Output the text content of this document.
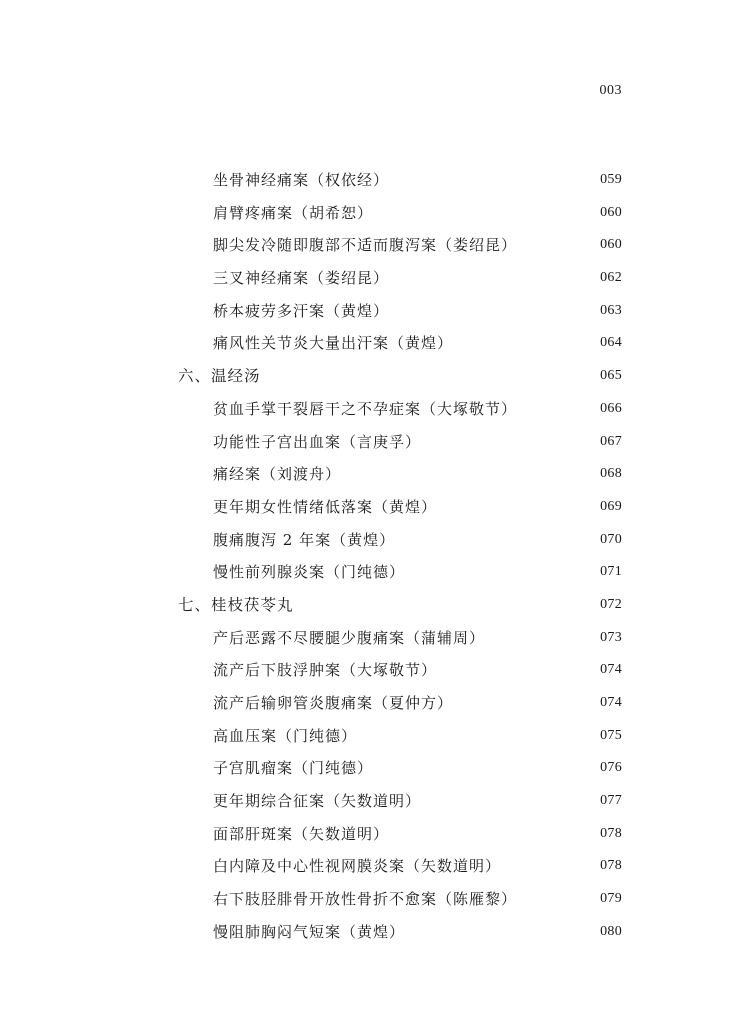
003
坐骨神经痛案（权依经）	059
肩臂疼痛案（胡希恕）	060
脚尖发冷随即腹部不适而腹泻案（娄绍昆）	060
三叉神经痛案（娄绍昆）	062
桥本疲劳多汗案（黄煌）	063
痛风性关节炎大量出汗案（黄煌）	064
六、温经汤	065
贫血手掌干裂唇干之不孕症案（大塚敬节）	066
功能性子宫出血案（言庚孚）	067
痛经案（刘渡舟）	068
更年期女性情绪低落案（黄煌）	069
腹痛腹泻 2 年案（黄煌）	070
慢性前列腺炎案（门纯德）	071
七、桂枝茯苓丸	072
产后恶露不尽腰腿少腹痛案（蒲辅周）	073
流产后下肢浮肿案（大塚敬节）	074
流产后输卵管炎腹痛案（夏仲方）	074
高血压案（门纯德）	075
子宫肌瘤案（门纯德）	076
更年期综合征案（矢数道明）	077
面部肝斑案（矢数道明）	078
白内障及中心性视网膜炎案（矢数道明）	078
右下肢胫腓骨开放性骨折不愈案（陈雁黎）	079
慢阻肺胸闷气短案（黄煌）	080
